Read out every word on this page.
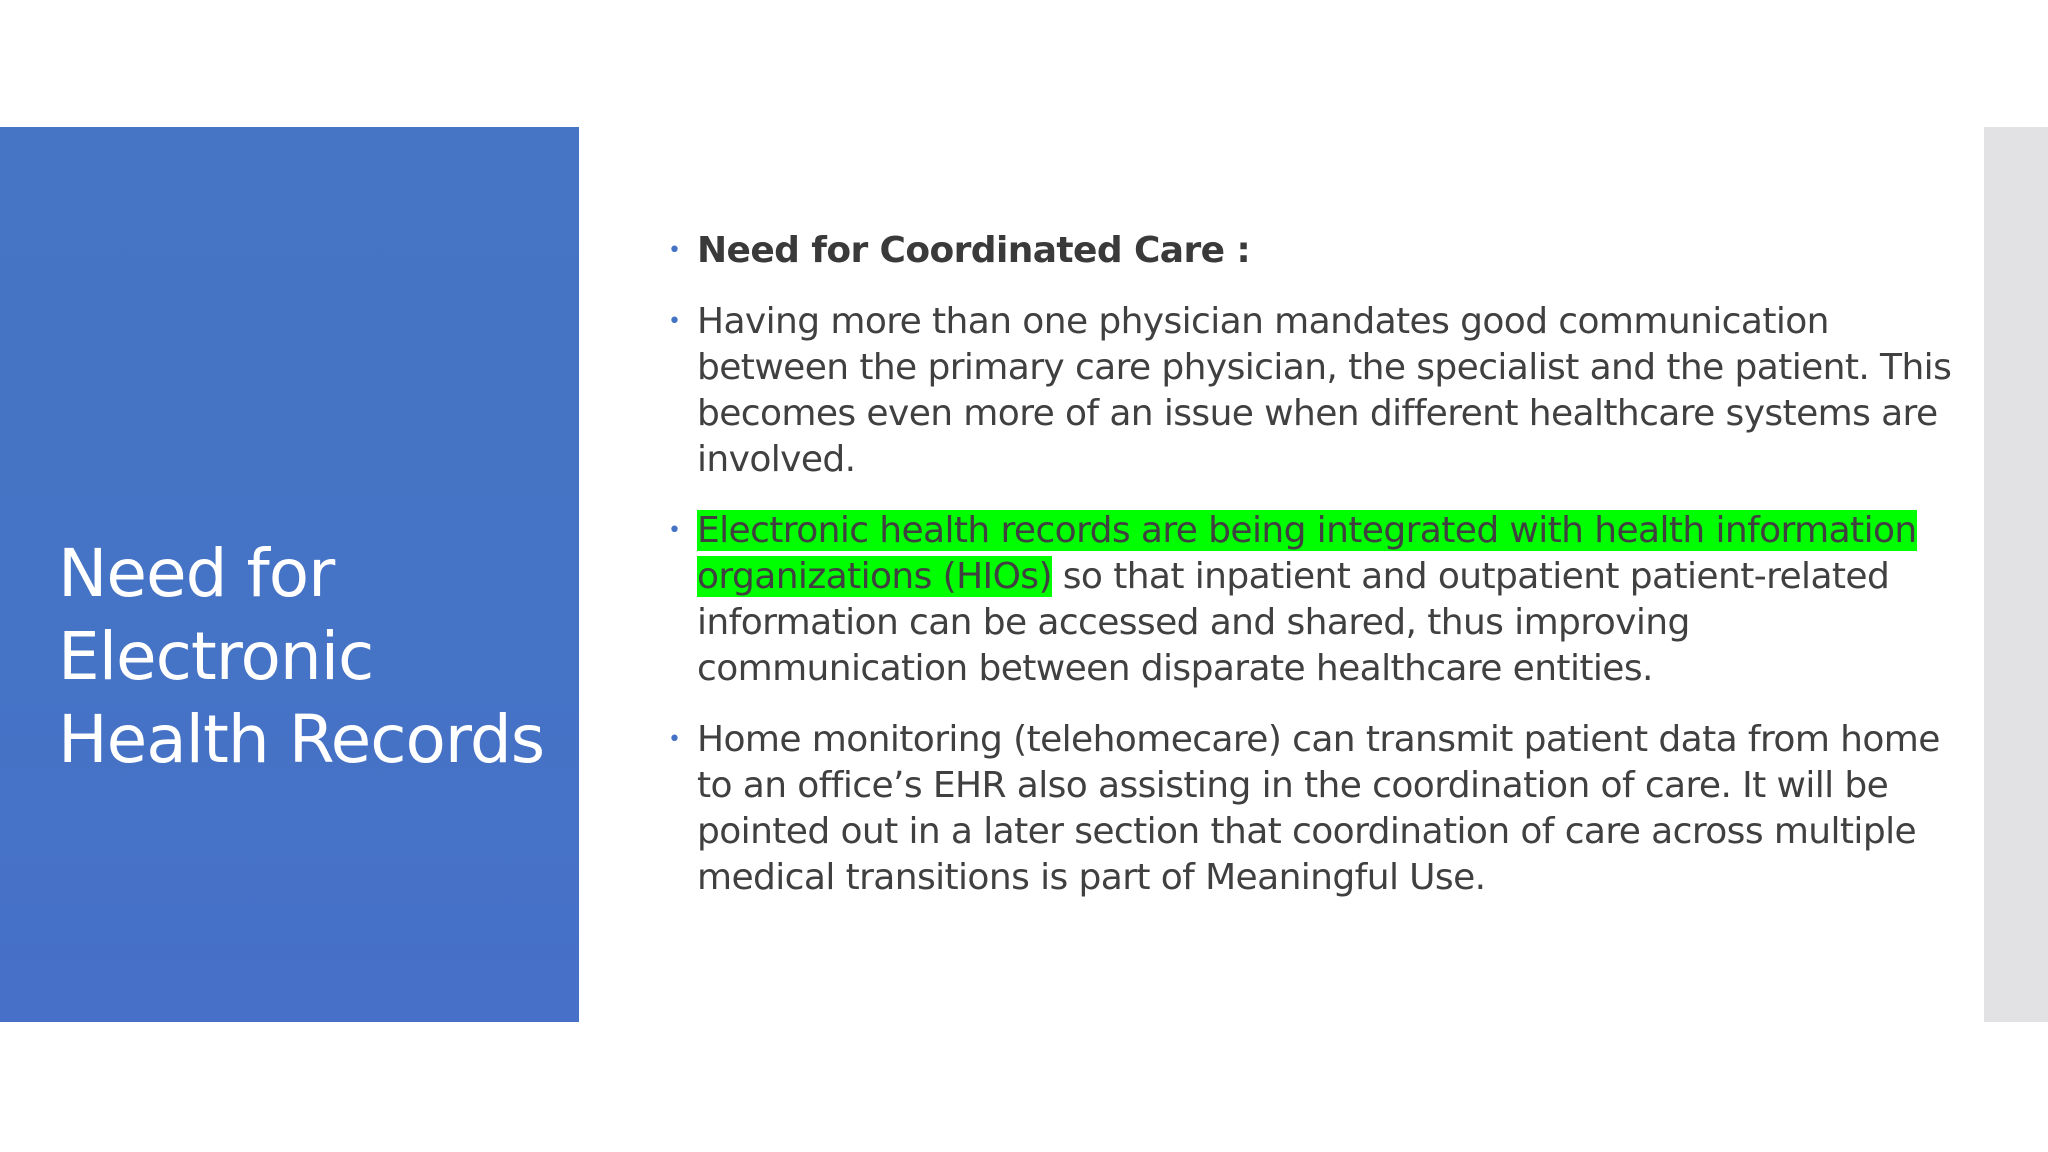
Need for Electronic Health Records
• Need for Coordinated Care :
• Having more than one physician mandates good communication between the primary care physician, the specialist and the patient. This becomes even more of an issue when different healthcare systems are involved.
• Electronic health records are being integrated with health information organizations (HIOs) so that inpatient and outpatient patient-related information can be accessed and shared, thus improving communication between disparate healthcare entities.
• Home monitoring (telehomecare) can transmit patient data from home to an office’s EHR also assisting in the coordination of care. It will be pointed out in a later section that coordination of care across multiple medical transitions is part of Meaningful Use.
